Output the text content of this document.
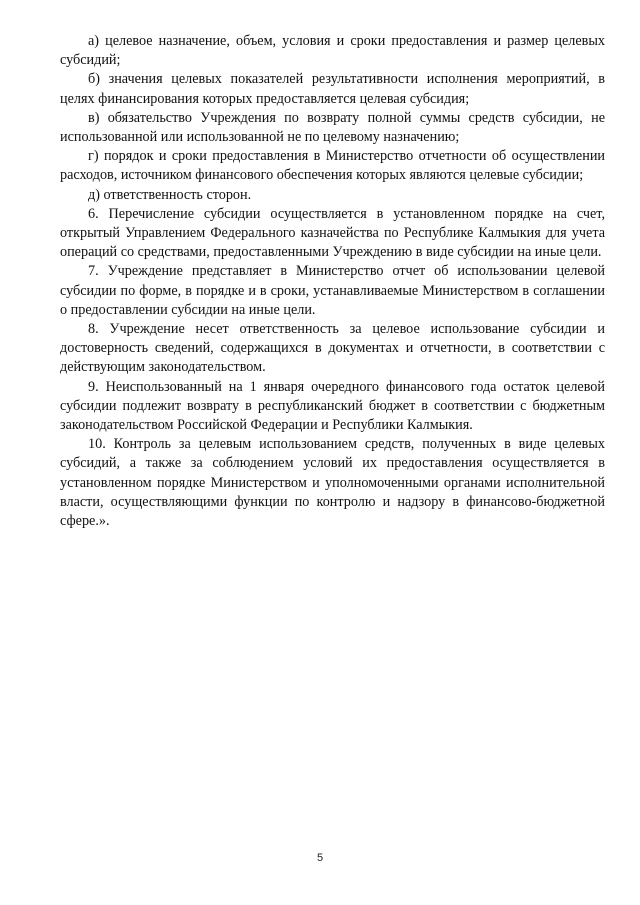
а) целевое назначение, объем, условия и сроки предоставления и размер целевых субсидий;

б) значения целевых показателей результативности исполнения мероприятий, в целях финансирования которых предоставляется целевая субсидия;

в) обязательство Учреждения по возврату полной суммы средств субсидии, не использованной или использованной не по целевому назначению;

г) порядок и сроки предоставления в Министерство отчетности об осуществлении расходов, источником финансового обеспечения которых являются целевые субсидии;

д) ответственность сторон.

6. Перечисление субсидии осуществляется в установленном порядке на счет, открытый Управлением Федерального казначейства по Республике Калмыкия для учета операций со средствами, предоставленными Учреждению в виде субсидии на иные цели.

7. Учреждение представляет в Министерство отчет об использовании целевой субсидии по форме, в порядке и в сроки, устанавливаемые Министерством в соглашении о предоставлении субсидии на иные цели.

8. Учреждение несет ответственность за целевое использование субсидии и достоверность сведений, содержащихся в документах и отчетности, в соответствии с действующим законодательством.

9. Неиспользованный на 1 января очередного финансового года остаток целевой субсидии подлежит возврату в республиканский бюджет в соответствии с бюджетным законодательством Российской Федерации и Республики Калмыкия.

10. Контроль за целевым использованием средств, полученных в виде целевых субсидий, а также за соблюдением условий их предоставления осуществляется в установленном порядке Министерством и уполномоченными органами исполнительной власти, осуществляющими функции по контролю и надзору в финансово-бюджетной сфере.».

5
